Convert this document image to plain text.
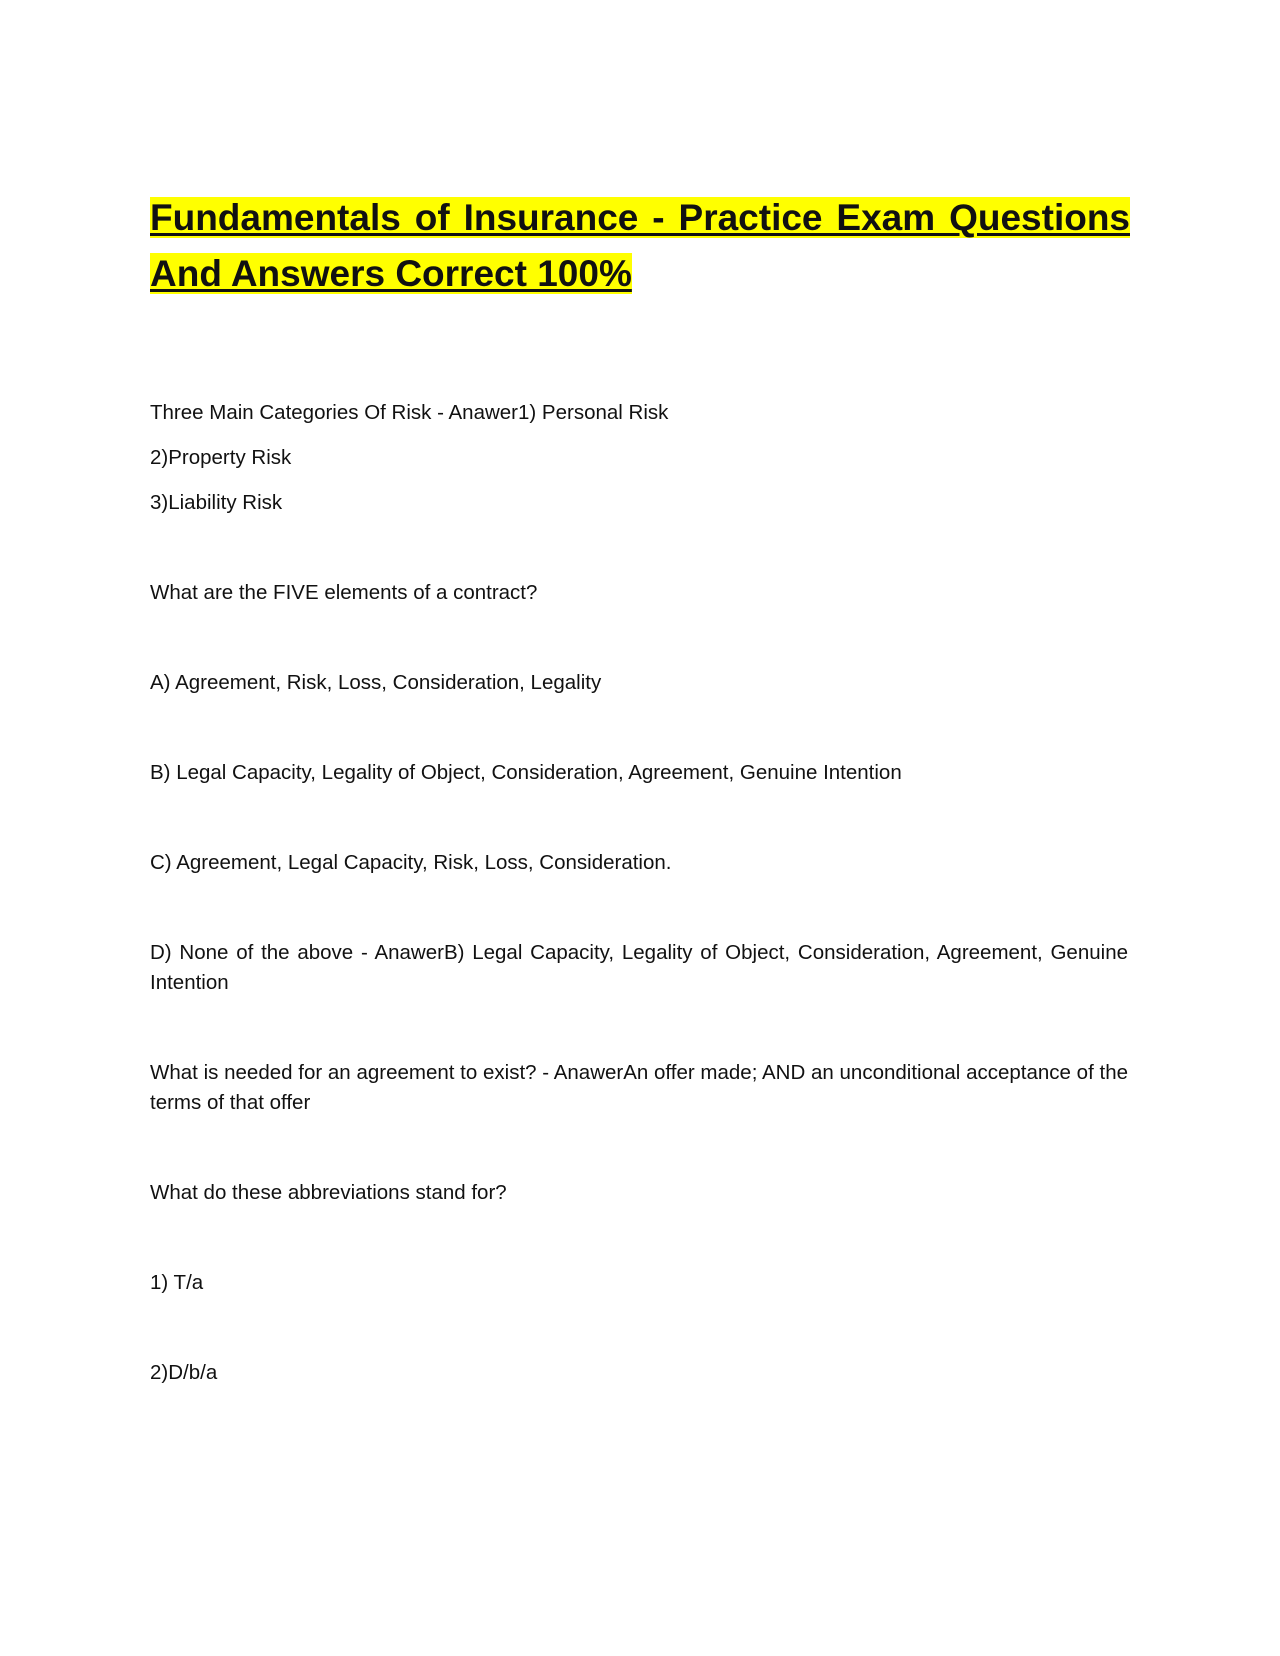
Fundamentals of Insurance - Practice Exam Questions And Answers Correct 100%

Three Main Categories Of Risk - Anawer1) Personal Risk

2)Property Risk

3)Liability Risk

What are the FIVE elements of a contract?

A) Agreement, Risk, Loss, Consideration, Legality

B) Legal Capacity, Legality of Object, Consideration, Agreement, Genuine Intention

C) Agreement, Legal Capacity, Risk, Loss, Consideration.

D) None of the above - AnawerB) Legal Capacity, Legality of Object, Consideration, Agreement, Genuine Intention

What is needed for an agreement to exist? - AnawerAn offer made; AND an unconditional acceptance of the terms of that offer

What do these abbreviations stand for?

1) T/a

2)D/b/a
